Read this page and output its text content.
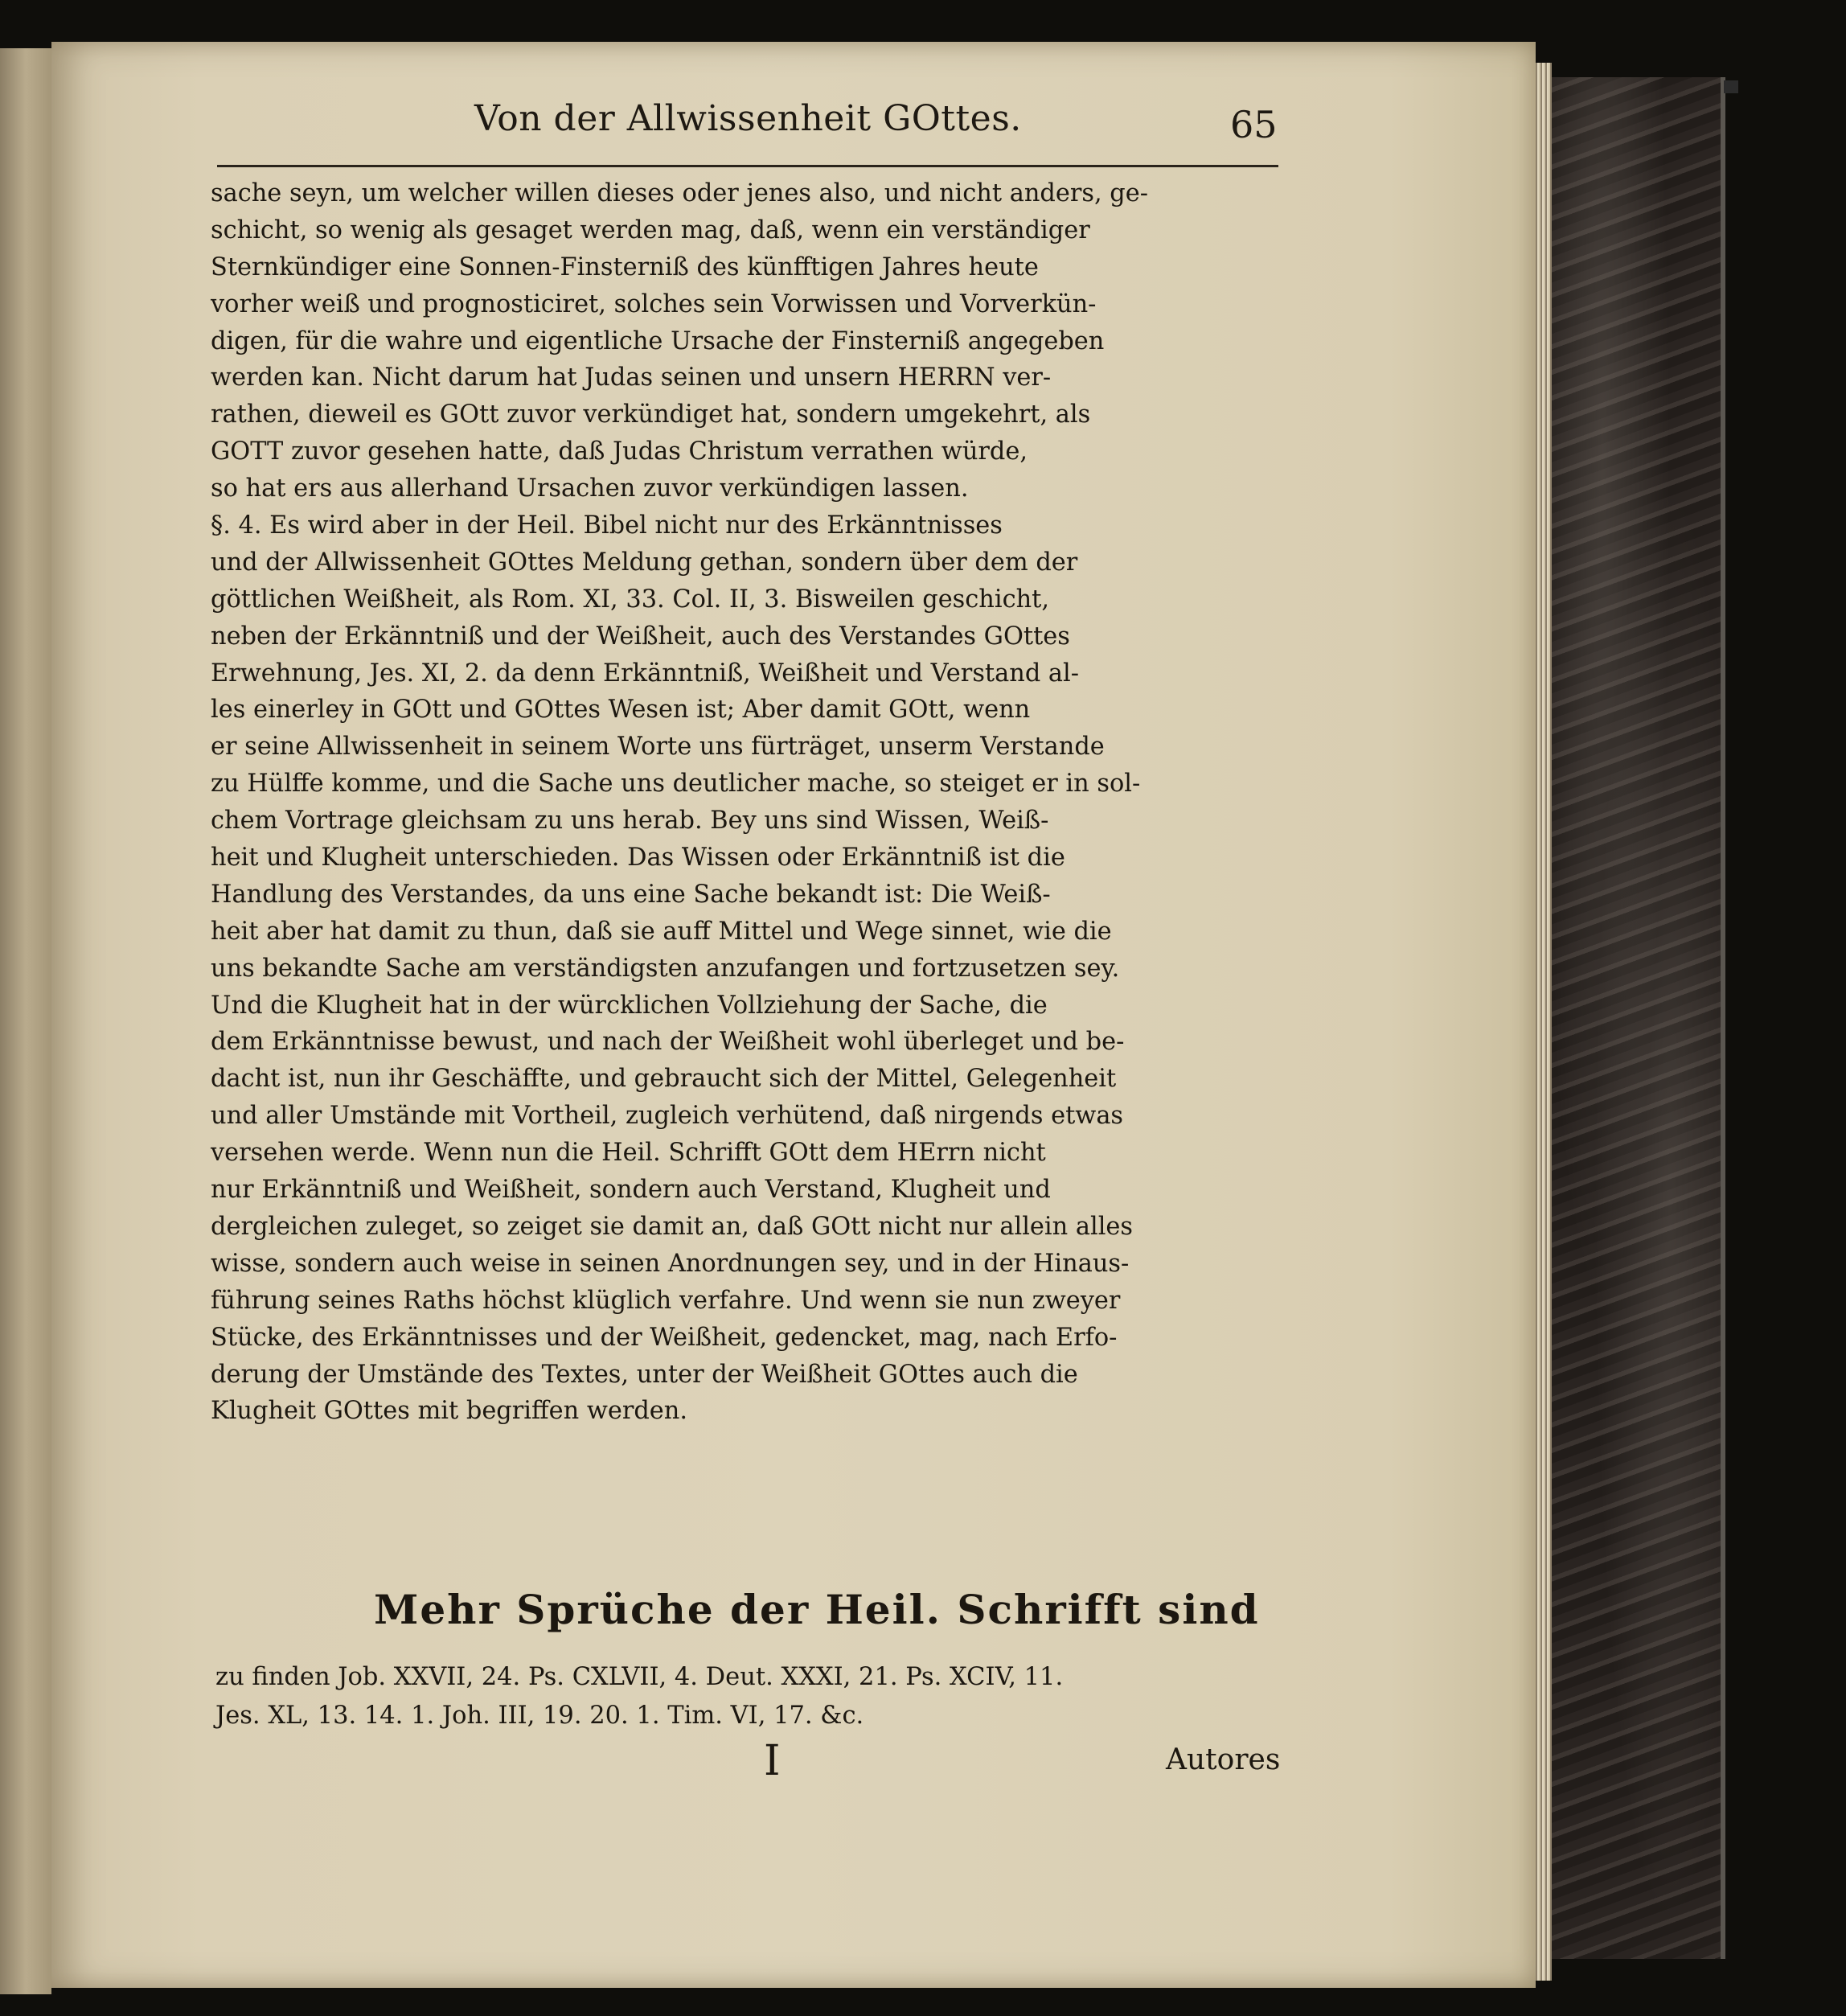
Von der Allwissenheit GOttes.	65
sache seyn, um welcher willen dieses oder jenes also, und nicht anders, ge-
schicht, so wenig als gesaget werden mag, daß, wenn ein verständiger
Sternkündiger eine Sonnen-Finsterniß des künfftigen Jahres heute
vorher weiß und prognosticiret, solches sein Vorwissen und Vorverkün-
digen, für die wahre und eigentliche Ursache der Finsterniß angegeben
werden kan. Nicht darum hat Judas seinen und unsern HERRN ver-
rathen, dieweil es GOtt zuvor verkündiget hat, sondern umgekehrt, als
GOTT zuvor gesehen hatte, daß Judas Christum verrathen würde,
so hat ers aus allerhand Ursachen zuvor verkündigen lassen.
§. 4. Es wird aber in der Heil. Bibel nicht nur des Erkänntnisses
und der Allwissenheit GOttes Meldung gethan, sondern über dem der
göttlichen Weißheit, als Rom. XI, 33. Col. II, 3. Bisweilen geschicht,
neben der Erkänntniß und der Weißheit, auch des Verstandes GOttes
Erwehnung, Jes. XI, 2. da denn Erkänntniß, Weißheit und Verstand al-
les einerley in GOtt und GOttes Wesen ist; Aber damit GOtt, wenn
er seine Allwissenheit in seinem Worte uns fürträget, unserm Verstande
zu Hülffe komme, und die Sache uns deutlicher mache, so steiget er in sol-
chem Vortrage gleichsam zu uns herab. Bey uns sind Wissen, Weiß-
heit und Klugheit unterschieden. Das Wissen oder Erkänntniß ist die
Handlung des Verstandes, da uns eine Sache bekandt ist: Die Weiß-
heit aber hat damit zu thun, daß sie auff Mittel und Wege sinnet, wie die
uns bekandte Sache am verständigsten anzufangen und fortzusetzen sey.
Und die Klugheit hat in der würcklichen Vollziehung der Sache, die
dem Erkänntnisse bewust, und nach der Weißheit wohl überleget und be-
dacht ist, nun ihr Geschäffte, und gebraucht sich der Mittel, Gelegenheit
und aller Umstände mit Vortheil, zugleich verhütend, daß nirgends etwas
versehen werde. Wenn nun die Heil. Schrifft GOtt dem HErrn nicht
nur Erkänntniß und Weißheit, sondern auch Verstand, Klugheit und
dergleichen zuleget, so zeiget sie damit an, daß GOtt nicht nur allein alles
wisse, sondern auch weise in seinen Anordnungen sey, und in der Hinaus-
führung seines Raths höchst klüglich verfahre. Und wenn sie nun zweyer
Stücke, des Erkänntnisses und der Weißheit, gedencket, mag, nach Erfo-
derung der Umstände des Textes, unter der Weißheit GOttes auch die
Klugheit GOttes mit begriffen werden.
Mehr Sprüche der Heil. Schrifft sind
zu finden Job. XXVII, 24. Ps. CXLVII, 4. Deut. XXXI, 21. Ps. XCIV, 11.
Jes. XL, 13. 14. 1. Joh. III, 19. 20. 1. Tim. VI, 17. &c.
I	Autores
